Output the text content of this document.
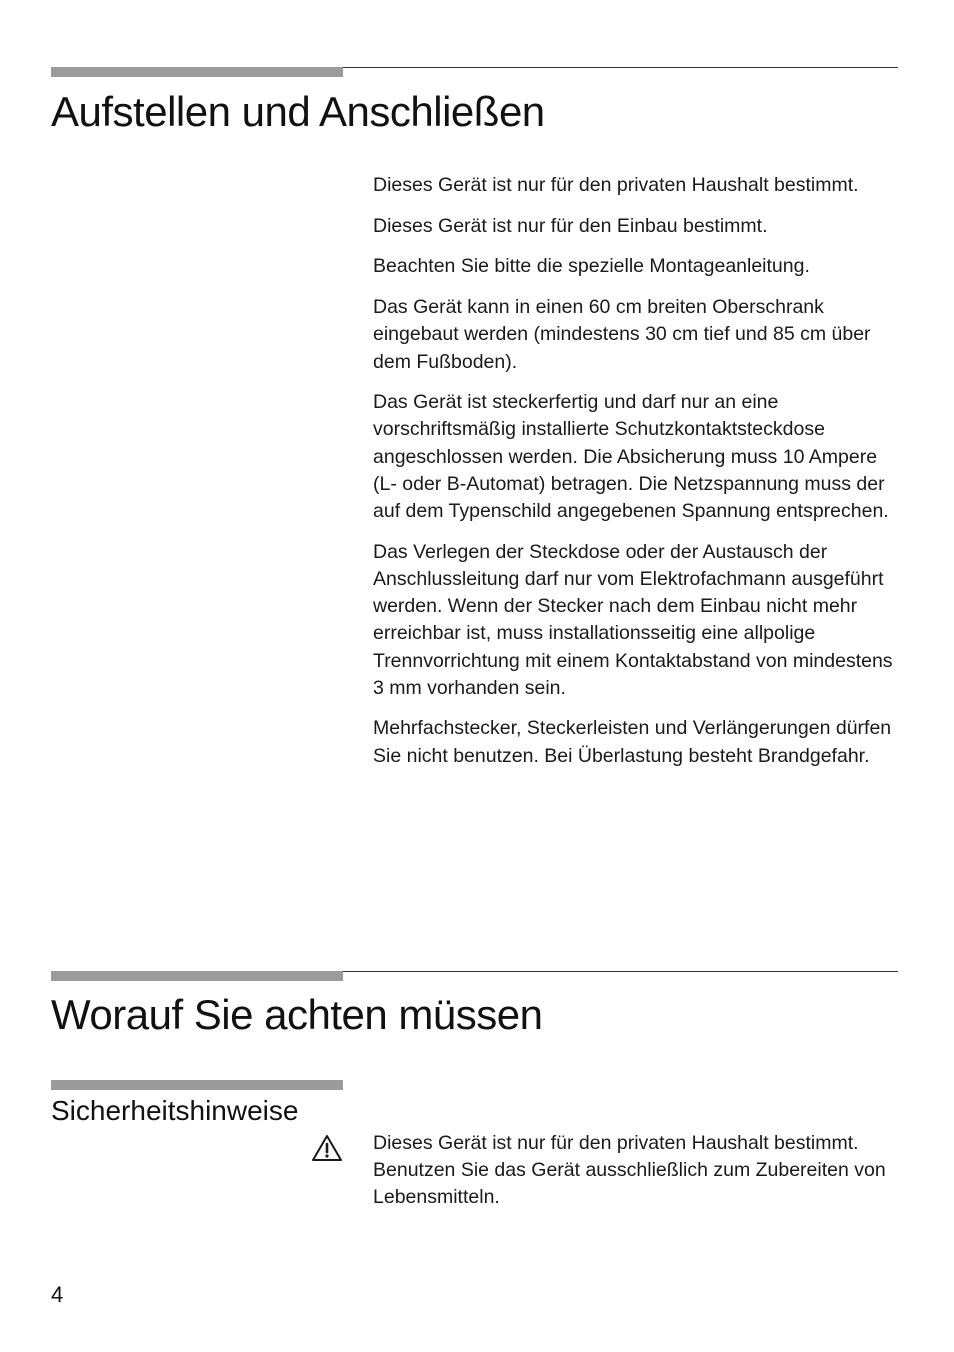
Aufstellen und Anschließen

Dieses Gerät ist nur für den privaten Haushalt bestimmt.

Dieses Gerät ist nur für den Einbau bestimmt.

Beachten Sie bitte die spezielle Montageanleitung.

Das Gerät kann in einen 60 cm breiten Oberschrank eingebaut werden (mindestens 30 cm tief und 85 cm über dem Fußboden).

Das Gerät ist steckerfertig und darf nur an eine vorschriftsmäßig installierte Schutzkontaktsteckdose angeschlossen werden. Die Absicherung muss 10 Ampere (L- oder B-Automat) betragen. Die Netzspannung muss der auf dem Typenschild angegebenen Spannung entsprechen.

Das Verlegen der Steckdose oder der Austausch der Anschlussleitung darf nur vom Elektrofachmann ausgeführt werden. Wenn der Stecker nach dem Einbau nicht mehr erreichbar ist, muss installationsseitig eine allpolige Trennvorrichtung mit einem Kontaktabstand von mindestens 3 mm vorhanden sein.

Mehrfachstecker, Steckerleisten und Verlängerungen dürfen Sie nicht benutzen. Bei Überlastung besteht Brandgefahr.

Worauf Sie achten müssen
Sicherheitshinweise

Dieses Gerät ist nur für den privaten Haushalt bestimmt.

Benutzen Sie das Gerät ausschließlich zum Zubereiten von Lebensmitteln.

4
